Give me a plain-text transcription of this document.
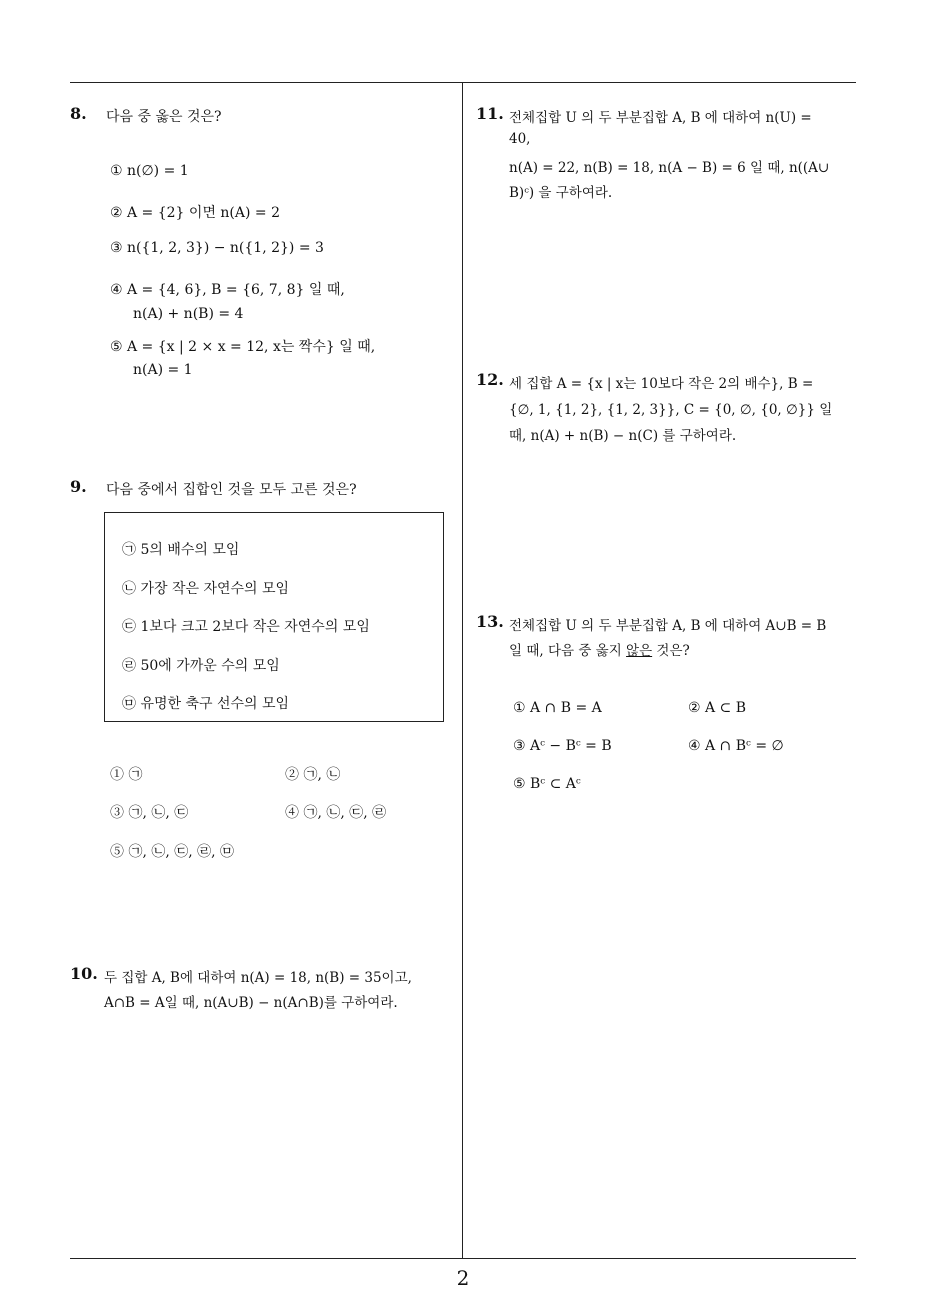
8. 다음 중 옳은 것은?
① n(∅) = 1
② A = {2} 이면 n(A) = 2
③ n({1, 2, 3}) − n({1, 2}) = 3
④ A = {4, 6}, B = {6, 7, 8} 일 때,
n(A) + n(B) = 4
⑤ A = {x | 2 × x = 12, x는 짝수} 일 때,
n(A) = 1
9. 다음 중에서 집합인 것을 모두 고른 것은?
㉠ 5의 배수의 모임
㉡ 가장 작은 자연수의 모임
㉢ 1보다 크고 2보다 작은 자연수의 모임
㉣ 50에 가까운 수의 모임
㉤ 유명한 축구 선수의 모임
① ㉠	② ㉠, ㉡
③ ㉠, ㉡, ㉢	④ ㉠, ㉡, ㉢, ㉣
⑤ ㉠, ㉡, ㉢, ㉣, ㉤
10. 두 집합 A, B에 대하여 n(A) = 18, n(B) = 35이고,
A∩B = A일 때, n(A∪B) − n(A∩B)를 구하여라.
11. 전체집합 U 의 두 부분집합 A, B 에 대하여 n(U) =
40,
n(A) = 22, n(B) = 18, n(A − B) = 6 일 때, n((A∪
B)ᶜ) 을 구하여라.
12. 세 집합 A = {x | x는 10보다 작은 2의 배수}, B =
{∅, 1, {1, 2}, {1, 2, 3}}, C = {0, ∅, {0, ∅}} 일
때, n(A) + n(B) − n(C) 를 구하여라.
13. 전체집합 U 의 두 부분집합 A, B 에 대하여 A∪B = B
일 때, 다음 중 옳지 않은 것은?
① A ∩ B = A	② A ⊂ B
③ Aᶜ − Bᶜ = B	④ A ∩ Bᶜ = ∅
⑤ Bᶜ ⊂ Aᶜ
2
